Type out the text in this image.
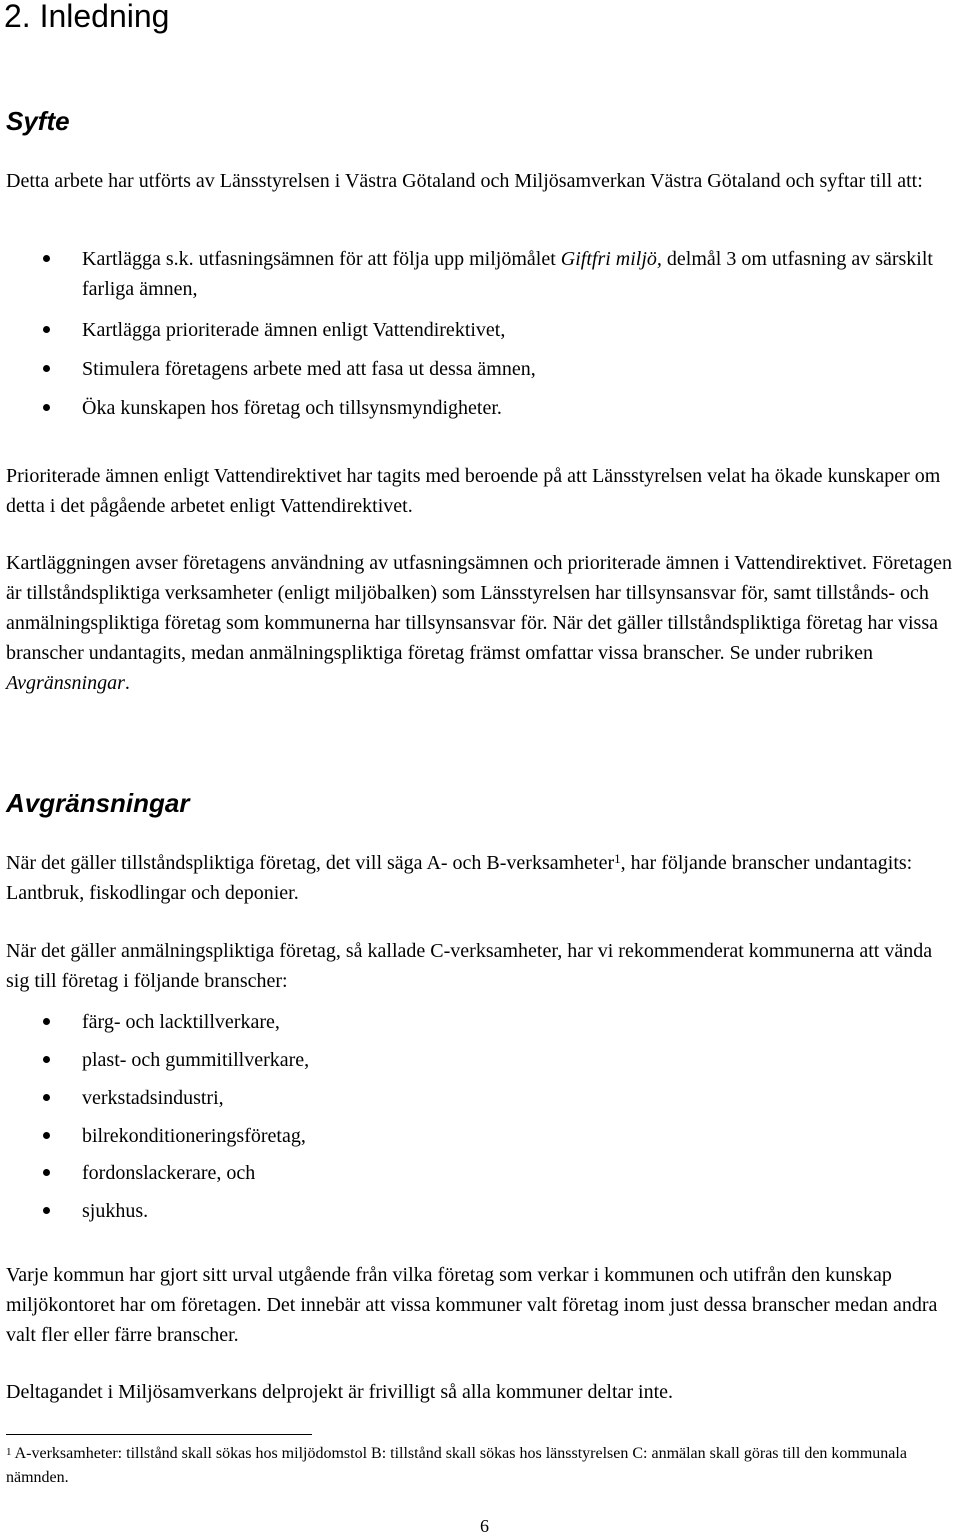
2. Inledning
Syfte

Detta arbete har utförts av Länsstyrelsen i Västra Götaland och Miljösamverkan Västra Götaland och syftar till att:

Kartlägga s.k. utfasningsämnen för att följa upp miljömålet Giftfri miljö, delmål 3 om utfasning av särskilt farliga ämnen,

Kartlägga prioriterade ämnen enligt Vattendirektivet,

Stimulera företagens arbete med att fasa ut dessa ämnen,

Öka kunskapen hos företag och tillsynsmyndigheter.

Prioriterade ämnen enligt Vattendirektivet har tagits med beroende på att Länsstyrelsen velat ha ökade kunskaper om detta i det pågående arbetet enligt Vattendirektivet.

Kartläggningen avser företagens användning av utfasningsämnen och prioriterade ämnen i Vattendirektivet. Företagen är tillståndspliktiga verksamheter (enligt miljöbalken) som Länsstyrelsen har tillsynsansvar för, samt tillstånds- och anmälningspliktiga företag som kommunerna har tillsynsansvar för. När det gäller tillståndspliktiga företag har vissa branscher undantagits, medan anmälningspliktiga företag främst omfattar vissa branscher. Se under rubriken Avgränsningar.

Avgränsningar

När det gäller tillståndspliktiga företag, det vill säga A- och B-verksamheter$^1$, har följande branscher undantagits: Lantbruk, fiskodlingar och deponier.

När det gäller anmälningspliktiga företag, så kallade C-verksamheter, har vi rekommenderat kommunerna att vända sig till företag i följande branscher:

färg- och lacktillverkare,

plast- och gummitillverkare,

verkstadsindustri,

bilrekonditioneringsföretag,

fordonslackerare, och

sjukhus.

Varje kommun har gjort sitt urval utgående från vilka företag som verkar i kommunen och utifrån den kunskap miljökontoret har om företagen. Det innebär att vissa kommuner valt företag inom just dessa branscher medan andra valt fler eller färre branscher.

Deltagandet i Miljösamverkans delprojekt är frivilligt så alla kommuner deltar inte.

$^1$ A-verksamheter: tillstånd skall sökas hos miljödomstol B: tillstånd skall sökas hos länsstyrelsen C: anmälan skall göras till den kommunala nämnden.

6
